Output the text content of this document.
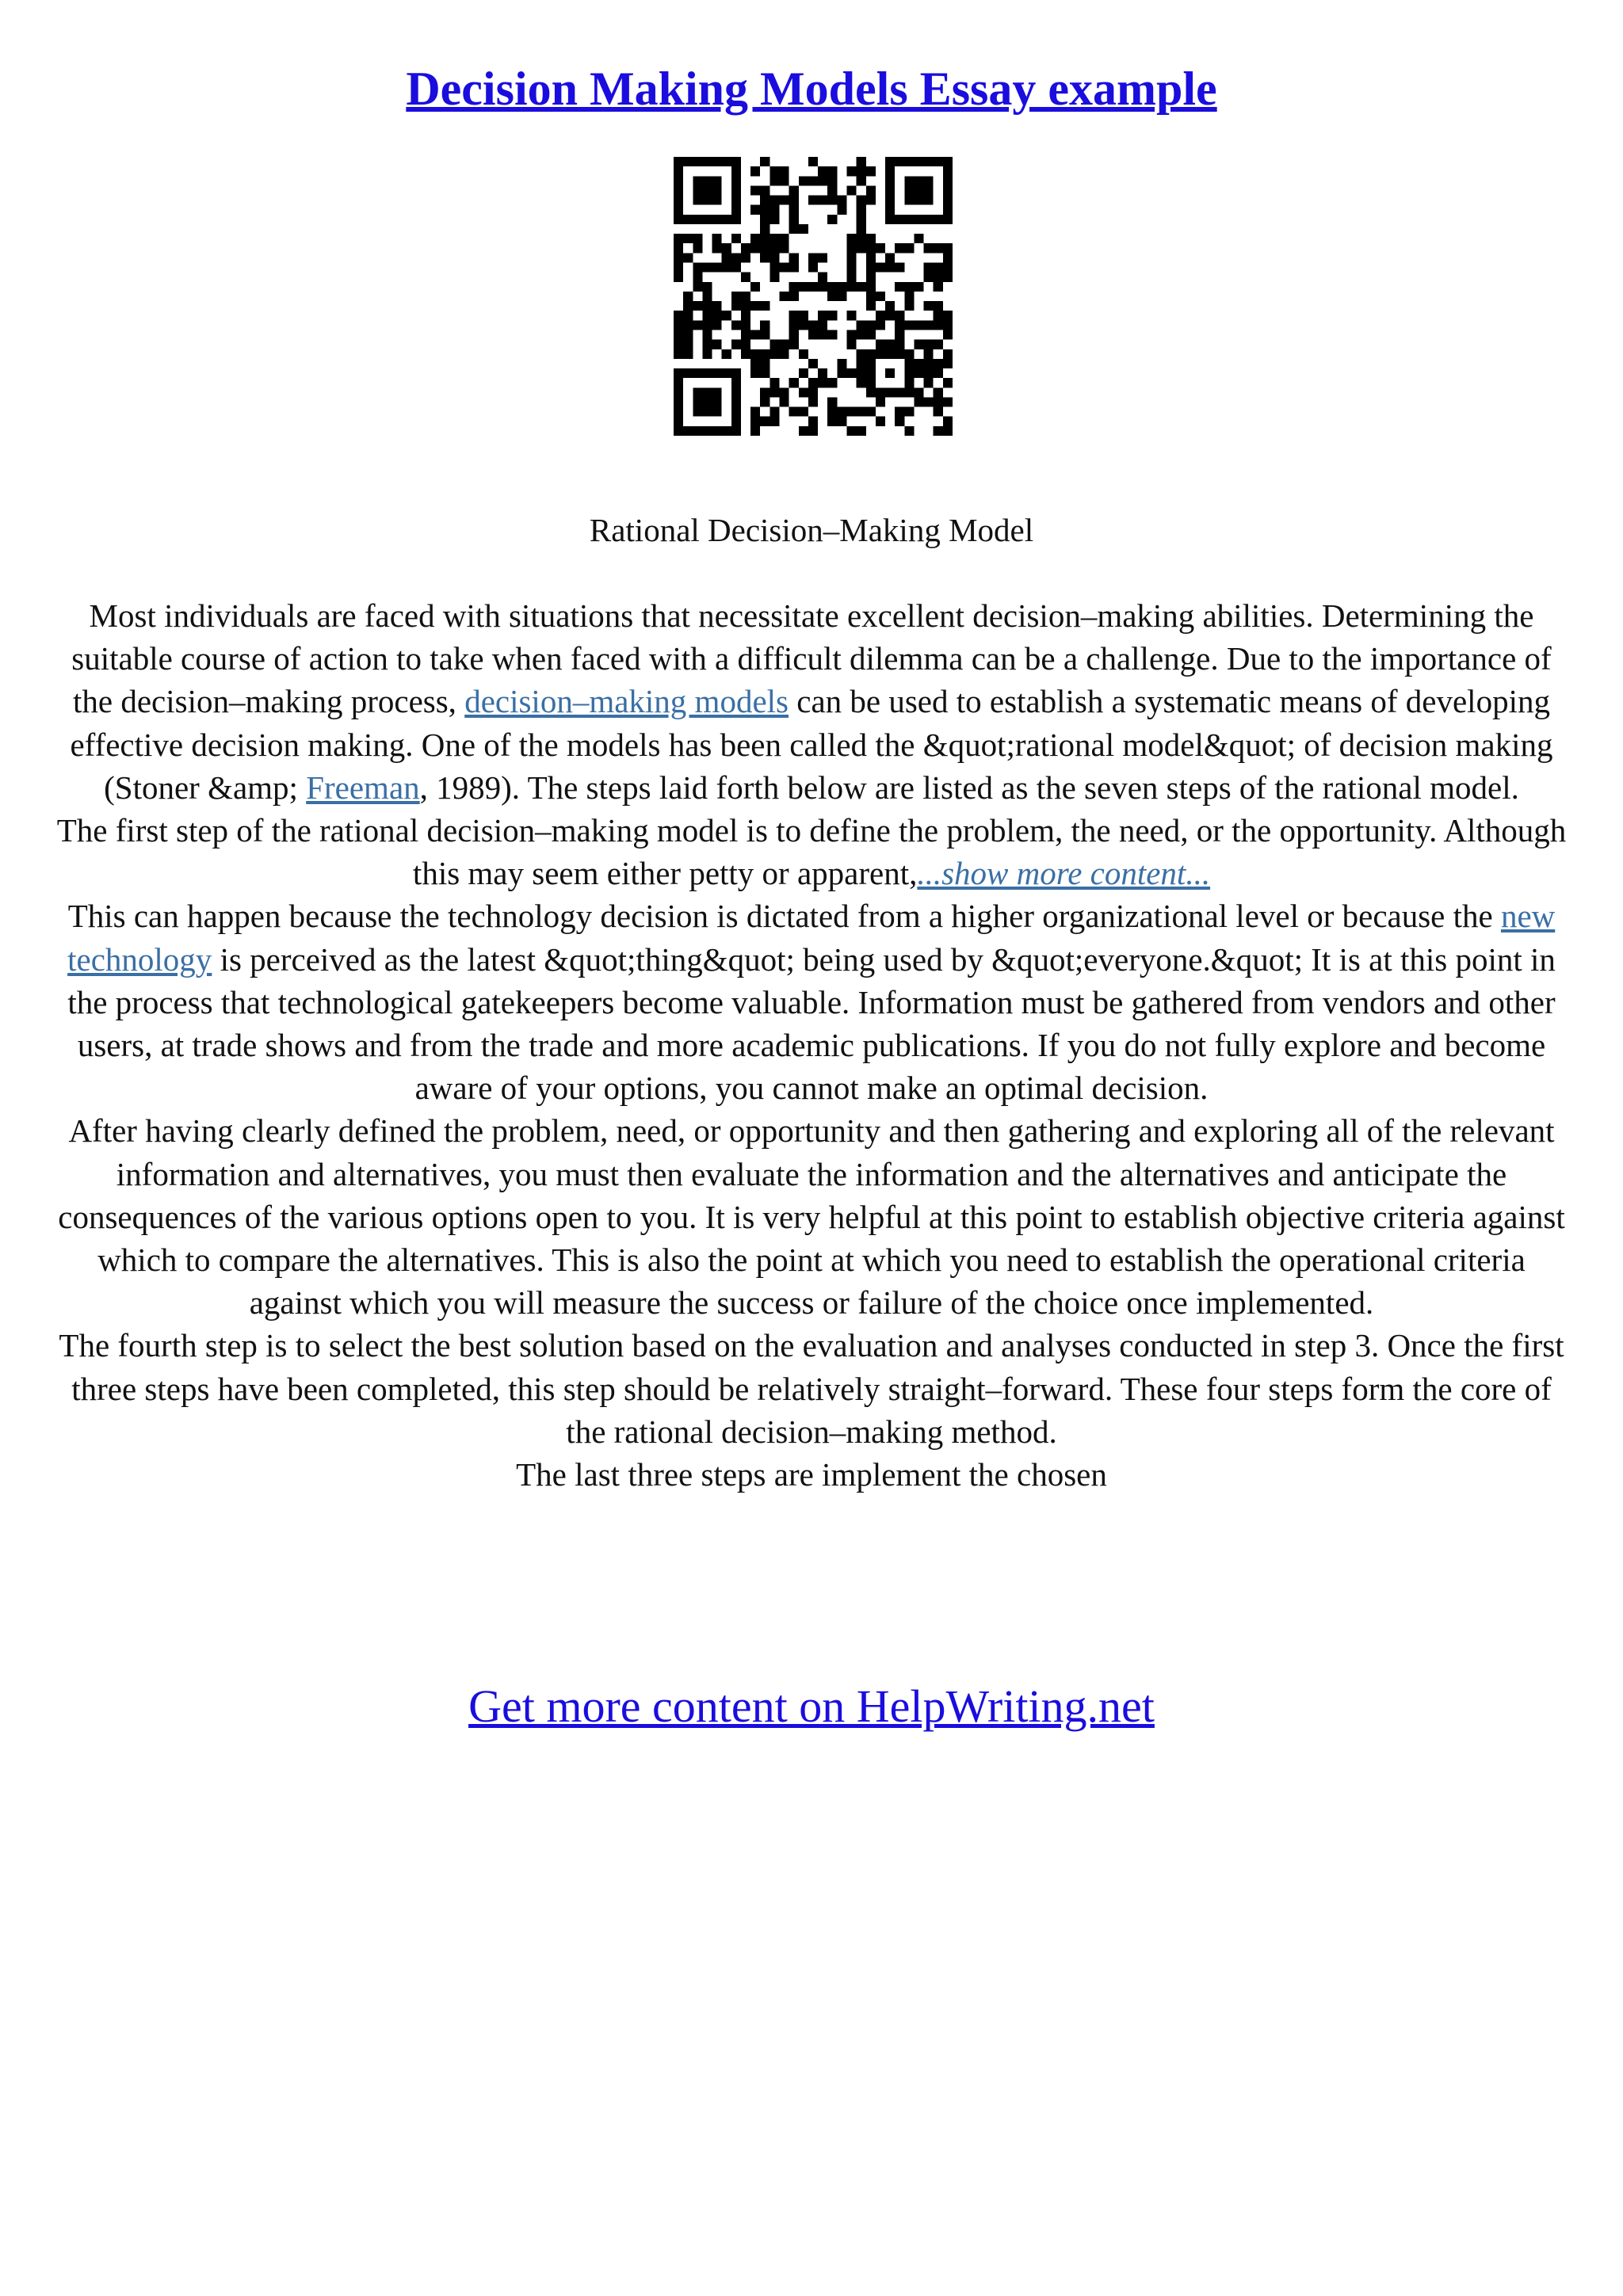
Decision Making Models Essay example
Rational Decision–Making Model

Most individuals are faced with situations that necessitate excellent decision–making abilities. Determining the suitable course of action to take when faced with a difficult dilemma can be a challenge. Due to the importance of the decision–making process, decision–making models can be used to establish a systematic means of developing effective decision making. One of the models has been called the &quot;rational model&quot; of decision making (Stoner &amp; Freeman, 1989). The steps laid forth below are listed as the seven steps of the rational model.

The first step of the rational decision–making model is to define the problem, the need, or the opportunity. Although this may seem either petty or apparent,...show more content...

This can happen because the technology decision is dictated from a higher organizational level or because the new technology is perceived as the latest &quot;thing&quot; being used by &quot;everyone.&quot; It is at this point in the process that technological gatekeepers become valuable. Information must be gathered from vendors and other users, at trade shows and from the trade and more academic publications. If you do not fully explore and become aware of your options, you cannot make an optimal decision.

After having clearly defined the problem, need, or opportunity and then gathering and exploring all of the relevant information and alternatives, you must then evaluate the information and the alternatives and anticipate the consequences of the various options open to you. It is very helpful at this point to establish objective criteria against which to compare the alternatives. This is also the point at which you need to establish the operational criteria against which you will measure the success or failure of the choice once implemented.

The fourth step is to select the best solution based on the evaluation and analyses conducted in step 3. Once the first three steps have been completed, this step should be relatively straight–forward. These four steps form the core of the rational decision–making method.

The last three steps are implement the chosen

Get more content on HelpWriting.net
